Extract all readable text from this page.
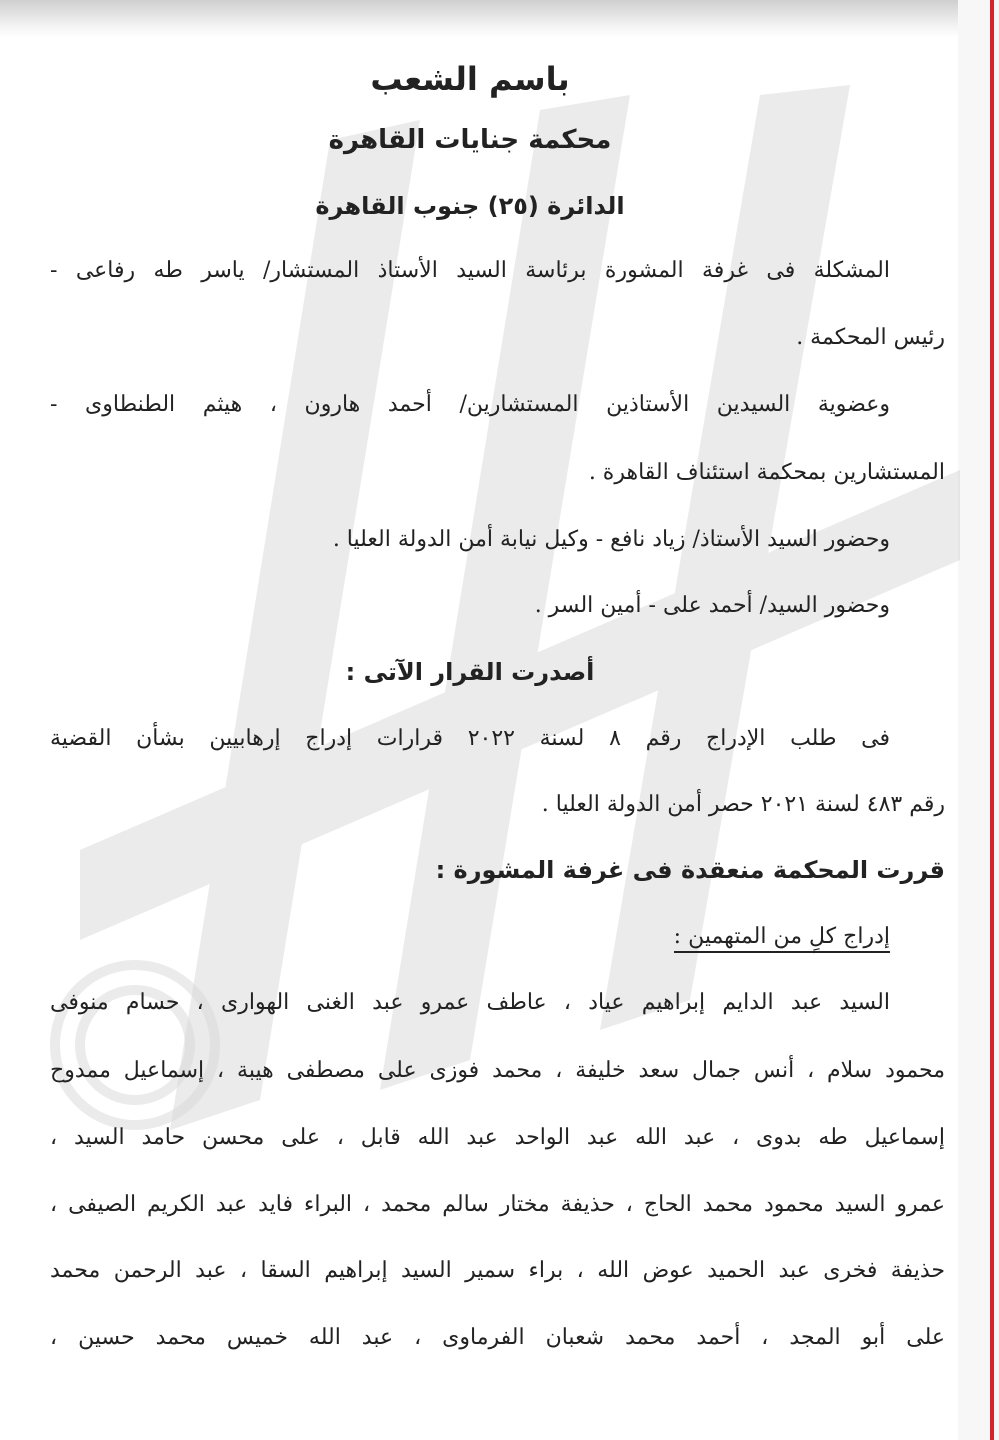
باسم الشعب
محكمة جنايات القاهرة
الدائرة (٢٥) جنوب القاهرة
المشكلة فى غرفة المشورة برئاسة السيد الأستاذ المستشار/ ياسر طه رفاعى -
رئيس المحكمة .
وعضوية السيدين الأستاذين المستشارين/ أحمد هارون ، هيثم الطنطاوى -
المستشارين بمحكمة استئناف القاهرة .
وحضور السيد الأستاذ/ زياد نافع - وكيل نيابة أمن الدولة العليا .
وحضور السيد/ أحمد على - أمين السر .
أصدرت القرار الآتى :
فى طلب الإدراج رقم ٨ لسنة ٢٠٢٢ قرارات إدراج إرهابيين بشأن القضية
رقم ٤٨٣ لسنة ٢٠٢١ حصر أمن الدولة العليا .
قررت المحكمة منعقدة فى غرفة المشورة :
إدراج كلٍ من المتهمين :
السيد عبد الدايم إبراهيم عياد ، عاطف عمرو عبد الغنى الهوارى ، حسام منوفى
محمود سلام ، أنس جمال سعد خليفة ، محمد فوزى على مصطفى هيبة ، إسماعيل ممدوح
إسماعيل طه بدوى ، عبد الله عبد الواحد عبد الله قابل ، على محسن حامد السيد ،
عمرو السيد محمود محمد الحاج ، حذيفة مختار سالم محمد ، البراء فايد عبد الكريم الصيفى ،
حذيفة فخرى عبد الحميد عوض الله ، براء سمير السيد إبراهيم السقا ، عبد الرحمن محمد
على أبو المجد ، أحمد محمد شعبان الفرماوى ، عبد الله خميس محمد حسين ،
